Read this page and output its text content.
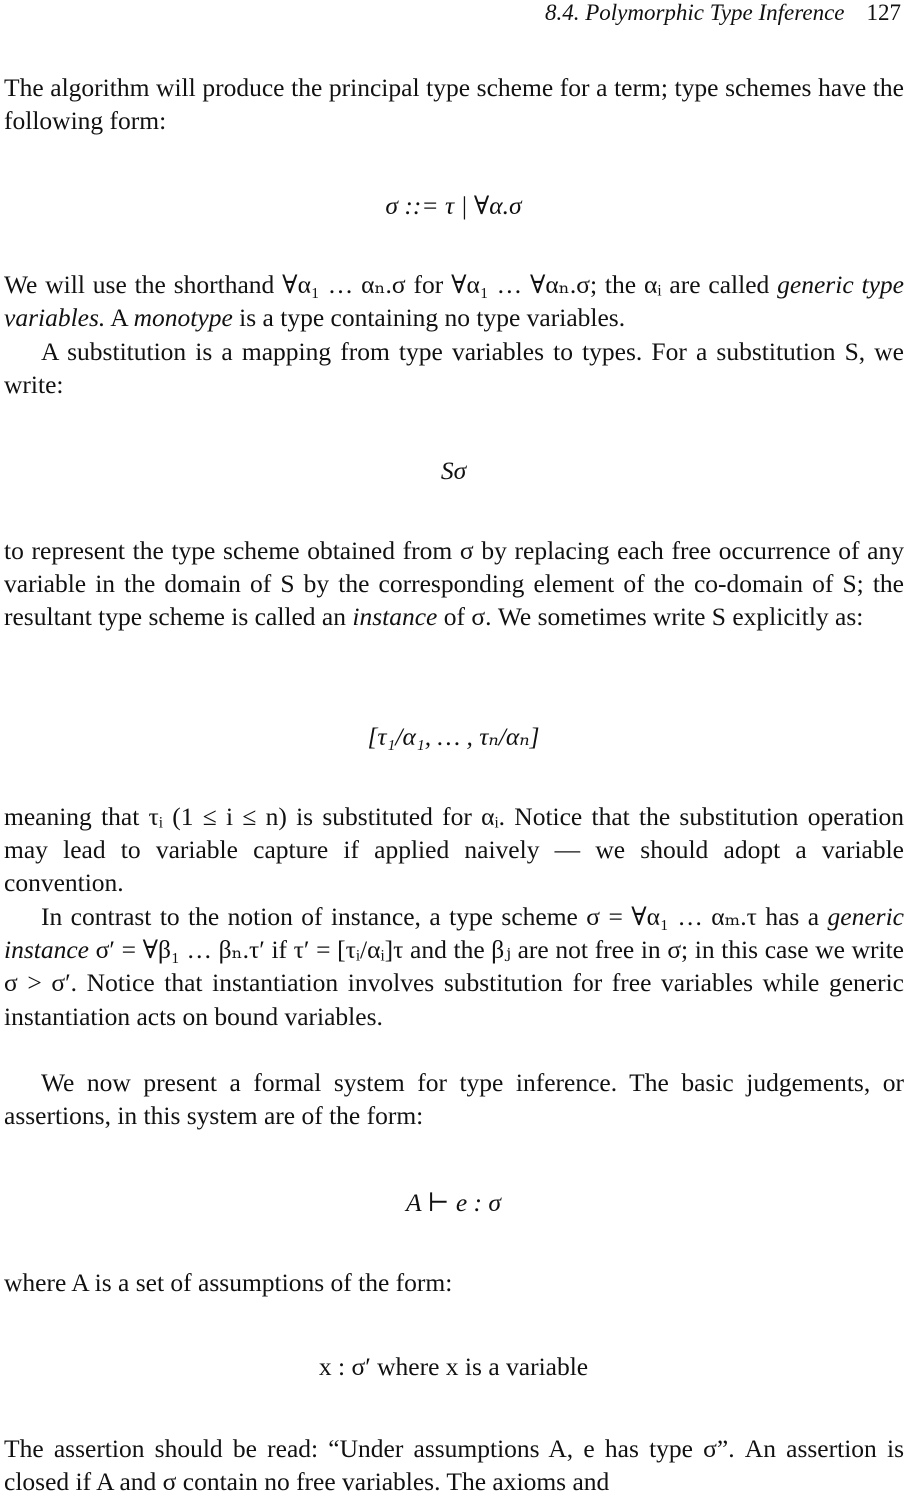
8.4. Polymorphic Type Inference 127

The algorithm will produce the principal type scheme for a term; type schemes have the following form:

σ ::= τ | ∀α.σ

We will use the shorthand ∀α₁ … αₙ.σ for ∀α₁ … ∀αₙ.σ; the αᵢ are called generic type variables. A monotype is a type containing no type variables.

A substitution is a mapping from type variables to types. For a substitution S, we write:

Sσ

to represent the type scheme obtained from σ by replacing each free occurrence of any variable in the domain of S by the corresponding element of the co-domain of S; the resultant type scheme is called an instance of σ. We sometimes write S explicitly as:

[τ₁/α₁, … , τₙ/αₙ]

meaning that τᵢ (1 ≤ i ≤ n) is substituted for αᵢ. Notice that the substitution operation may lead to variable capture if applied naively — we should adopt a variable convention.

In contrast to the notion of instance, a type scheme σ = ∀α₁ … αₘ.τ has a generic instance σ′ = ∀β₁ … βₙ.τ′ if τ′ = [τᵢ/αᵢ]τ and the βⱼ are not free in σ; in this case we write σ > σ′. Notice that instantiation involves substitution for free variables while generic instantiation acts on bound variables.

We now present a formal system for type inference. The basic judgements, or assertions, in this system are of the form:

A ⊢ e : σ

where A is a set of assumptions of the form:

x : σ′ where x is a variable

The assertion should be read: “Under assumptions A, e has type σ”. An assertion is closed if A and σ contain no free variables. The axioms and
